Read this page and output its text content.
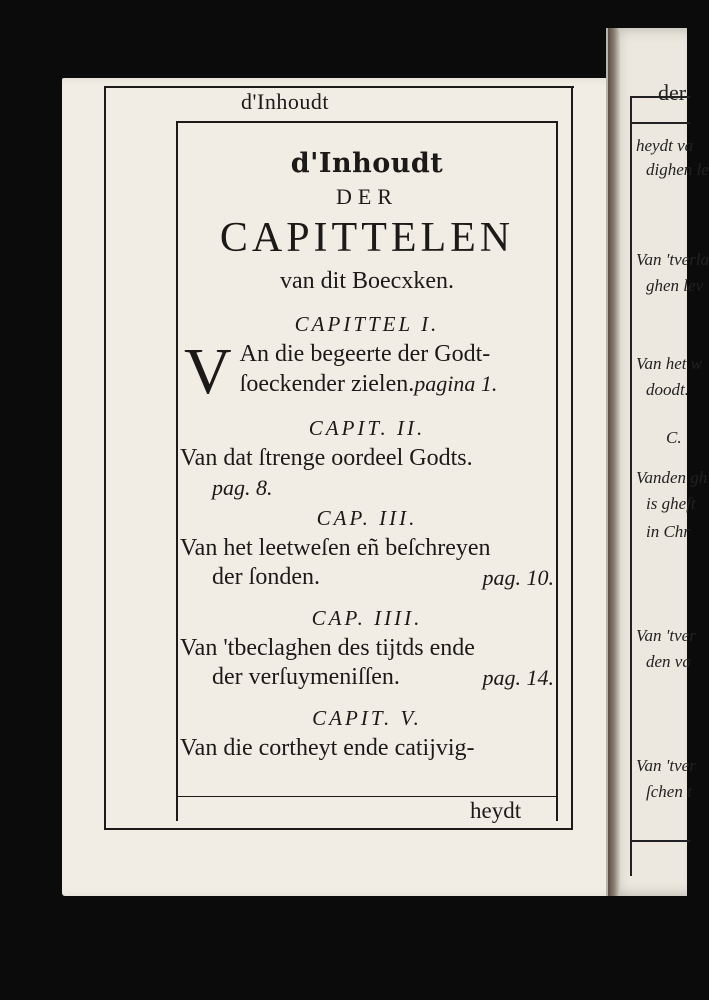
der
heydt va
dighen le
Van 'tverla
ghen lev
Van het w
doodt.
C.
Vanden gh
is gheſt
in Chr
Van 'tver
den va
Van 'tver
ſchen t
d'Inhoudt
d'Inhoudt
DER
CAPITTELEN
van dit Boecxken.
CAPITTEL I.
V An die begeerte der Godt-
ſoeckender zielen.pagina 1.
CAPIT. II.
Van dat ſtrenge oordeel Godts.
pag. 8.
CAP. III.
Van het leetweſen eñ beſchreyen
der ſonden.	pag. 10.
CAP. IIII.
Van 'tbeclaghen des tijtds ende
der verſuymeniſſen.	pag. 14.
CAPIT. V.
Van die cortheyt ende catijvig-
heydt
